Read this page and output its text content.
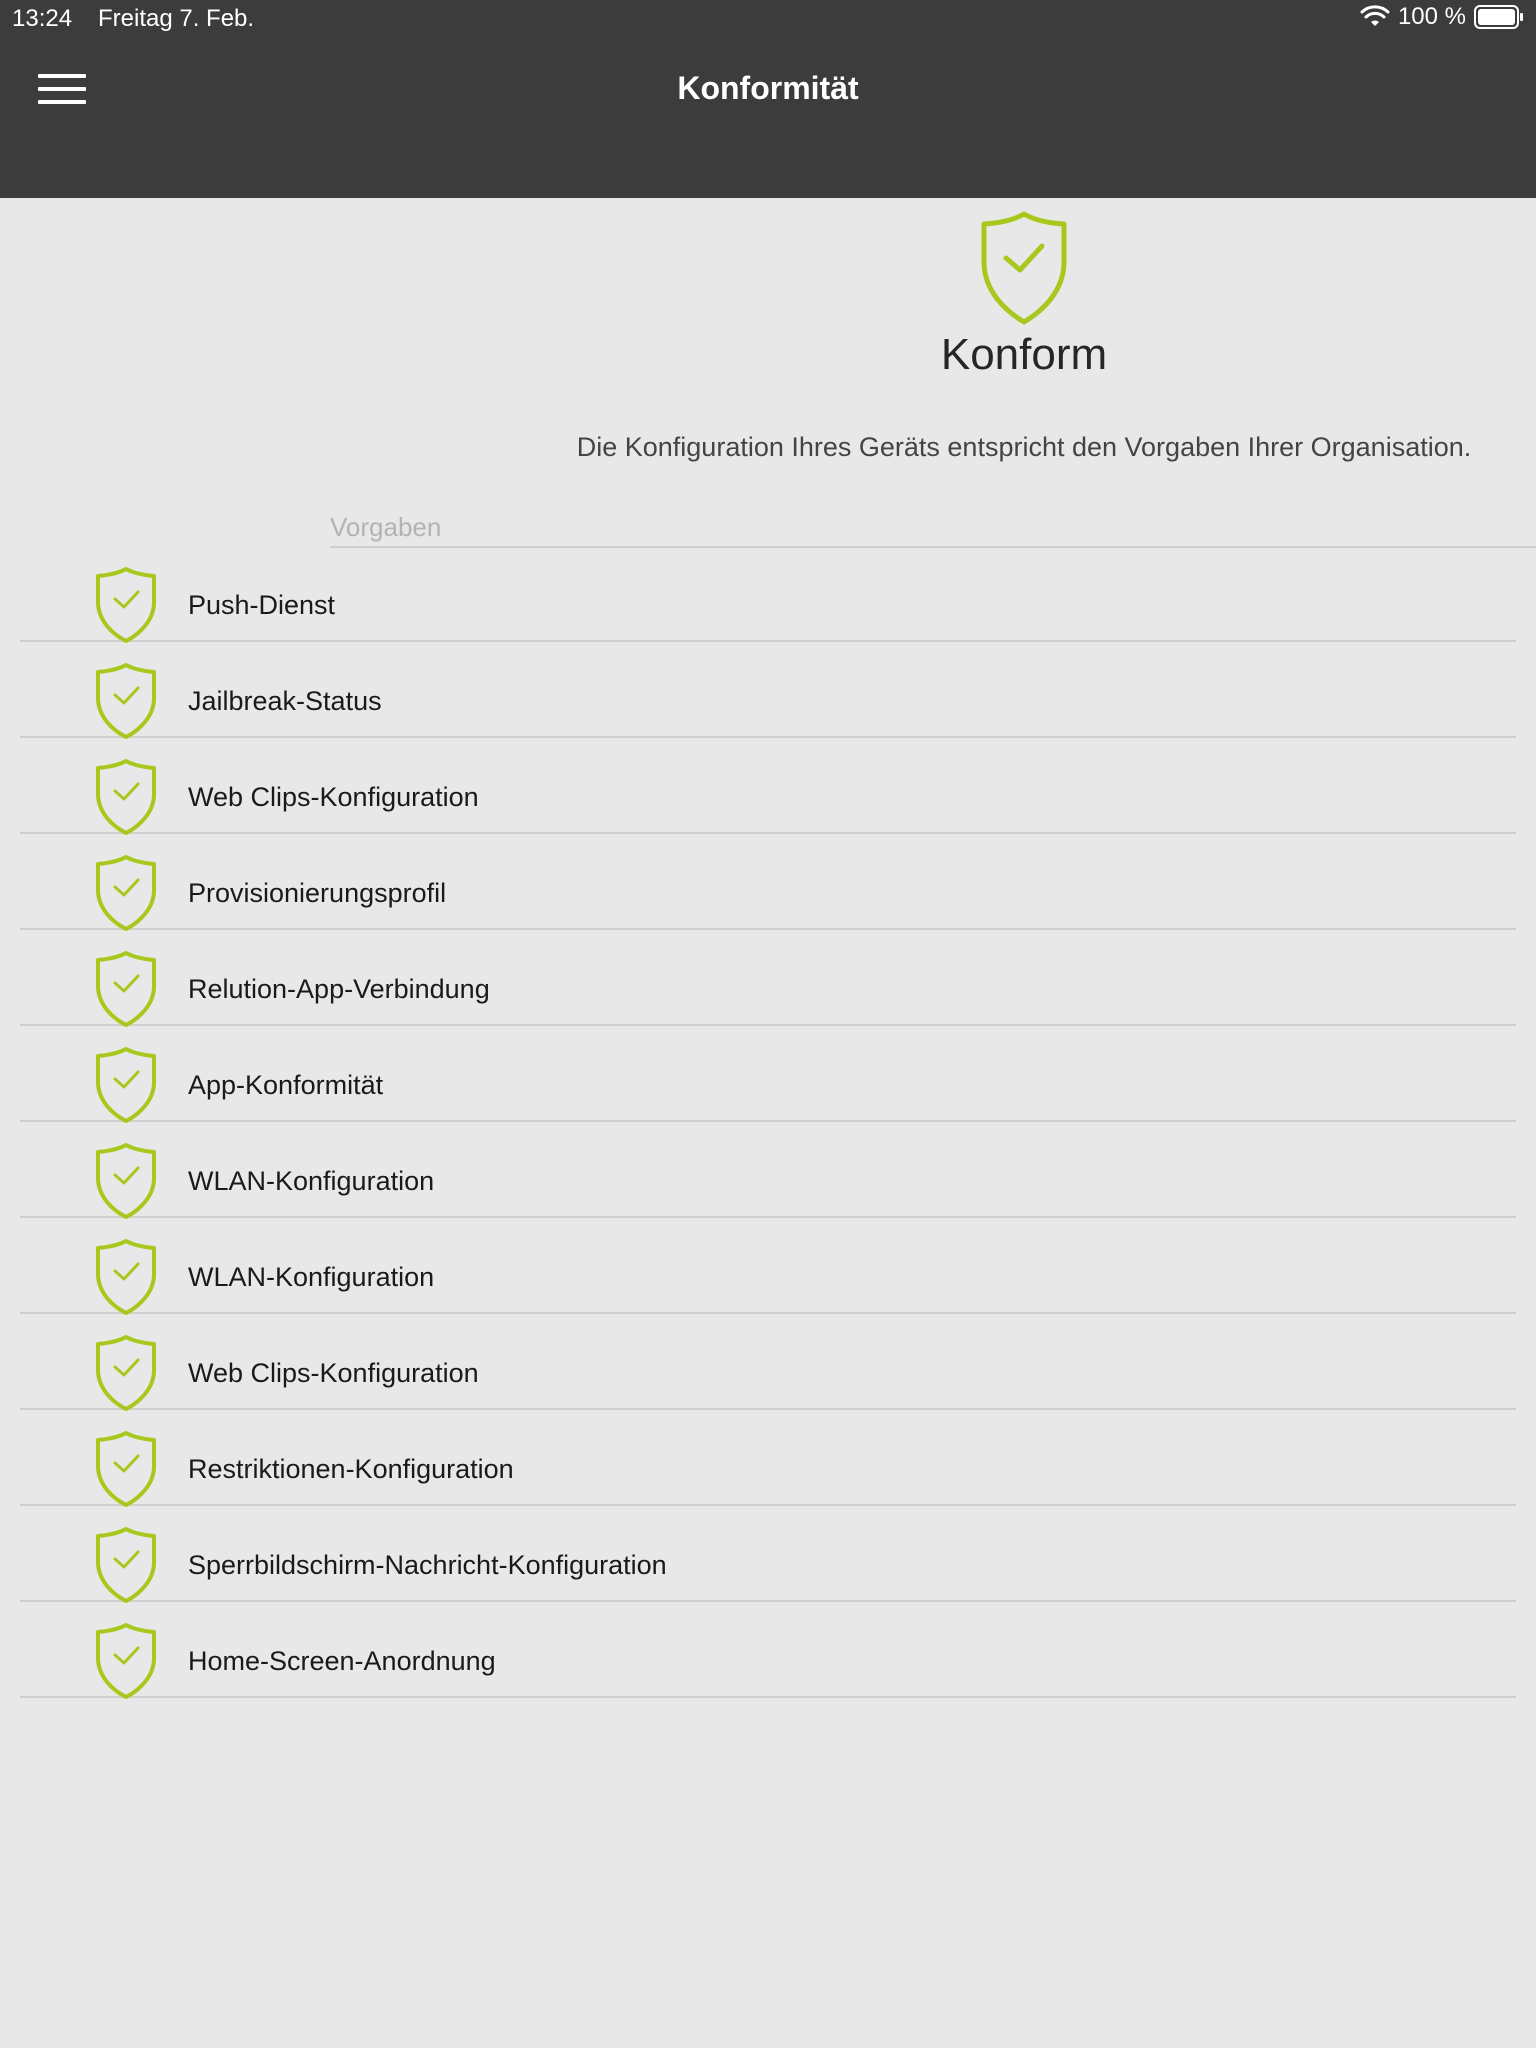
13:24 Freitag 7. Feb.	100 %
Konformität
Konform
Die Konfiguration Ihres Geräts entspricht den Vorgaben Ihrer Organisation.
Vorgaben
Push-Dienst
Jailbreak-Status
Web Clips-Konfiguration
Provisionierungsprofil
Relution-App-Verbindung
App-Konformität
WLAN-Konfiguration
WLAN-Konfiguration
Web Clips-Konfiguration
Restriktionen-Konfiguration
Sperrbildschirm-Nachricht-Konfiguration
Home-Screen-Anordnung
